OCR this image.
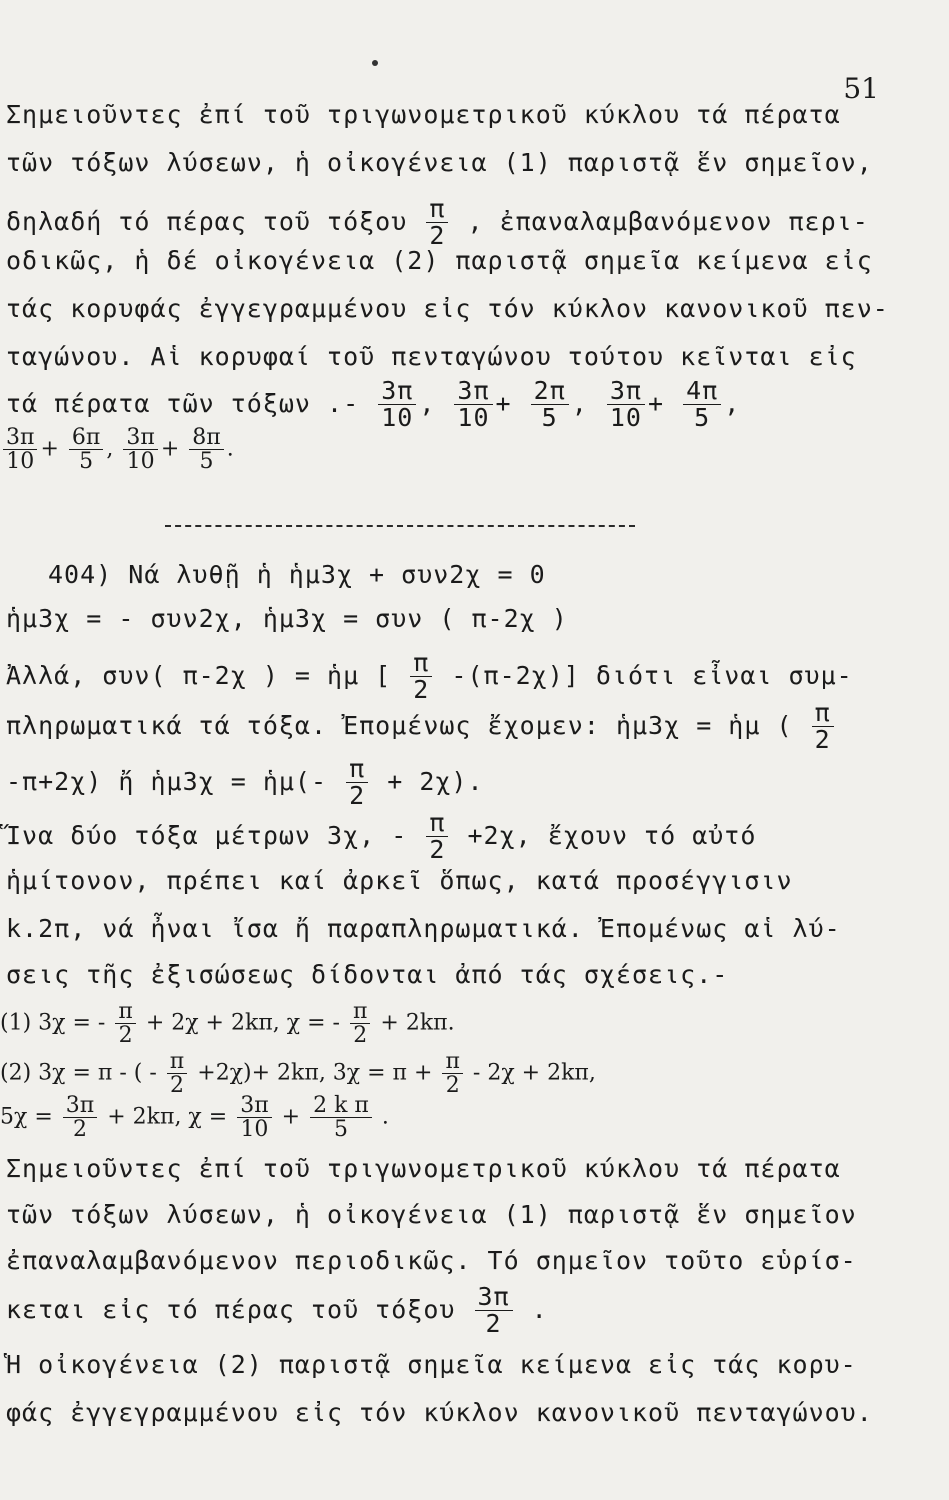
51
Σημειοῦντες ἐπί τοῦ τριγωνομετρικοῦ κύκλου τά πέρατα
τῶν τόξων λύσεων, ἡ οἰκογένεια (1) παριστᾷ ἕν σημεῖον,
δηλαδή τό πέρας τοῦ τόξου $\frac{\pi}{2}$ , ἐπαναλαμβανόμενον περι-
οδικῶς, ἡ δέ οἰκογένεια (2) παριστᾷ σημεῖα κείμενα εἰς
τάς κορυφάς ἐγγεγραμμένου εἰς τόν κύκλον κανονικοῦ πεν-
ταγώνου. Αἱ κορυφαί τοῦ πενταγώνου τούτου κεῖνται εἰς
τά πέρατα τῶν τόξων .- $\frac{3\pi}{10}$ , $\frac{3\pi}{10} + \frac{2\pi}{5}$ , $\frac{3\pi}{10} + \frac{4\pi}{5}$ ,
$\frac{3\pi}{10} + \frac{6\pi}{5}$ , $\frac{3\pi}{10} + \frac{8\pi}{5}$ .
404) Νά λυθῇ ἡ ἡμ3χ + συν2χ = 0
ἡμ3χ = - συν2χ, ἡμ3χ = συν ( π-2χ )
Ἀλλά, συν( π-2χ ) = ἡμ [ $\frac{\pi}{2} -(\pi-2\chi)$] διότι εἶναι συμ-
πληρωματικά τά τόξα. Ἐπομένως ἔχομεν: ἡμ3χ = ἡμ ( $\frac{\pi}{2}$
-π+2χ) ἤ ἡμ3χ = ἡμ(- $\frac{\pi}{2} + 2\chi$).
Ἵνα δύο τόξα μέτρων 3χ, - $\frac{\pi}{2} +2\chi$, ἔχουν τό αὐτό
ἡμίτονον, πρέπει καί ἀρκεῖ ὅπως, κατά προσέγγισιν
k.2π, νά ἦναι ἴσα ἤ παραπληρωματικά. Ἐπομένως αἱ λύ-
σεις τῆς ἐξισώσεως δίδονται ἀπό τάς σχέσεις.-
(1) 3χ = - $\frac{\pi}{2} + 2\chi + 2k\pi$, χ = - $\frac{\pi}{2} + 2k\pi$.
(2) 3χ = π - ( - $\frac{\pi}{2} +2\chi)+ 2k\pi$, $3\chi = \pi + \frac{\pi}{2} - 2\chi + 2k\pi$,
$5\chi = \frac{3\pi}{2} + 2k\pi$, $\chi = \frac{3\pi}{10} + \frac{\text{2 k π}}{5}$ .
Σημειοῦντες ἐπί τοῦ τριγωνομετρικοῦ κύκλου τά πέρατα
τῶν τόξων λύσεων, ἡ οἰκογένεια (1) παριστᾷ ἕν σημεῖον
ἐπαναλαμβανόμενον περιοδικῶς. Τό σημεῖον τοῦτο εὑρίσ-
κεται εἰς τό πέρας τοῦ τόξου $\frac{3\pi}{2}$ .
Ἡ οἰκογένεια (2) παριστᾷ σημεῖα κείμενα εἰς τάς κορυ-
φάς ἐγγεγραμμένου εἰς τόν κύκλον κανονικοῦ πενταγώνου.
